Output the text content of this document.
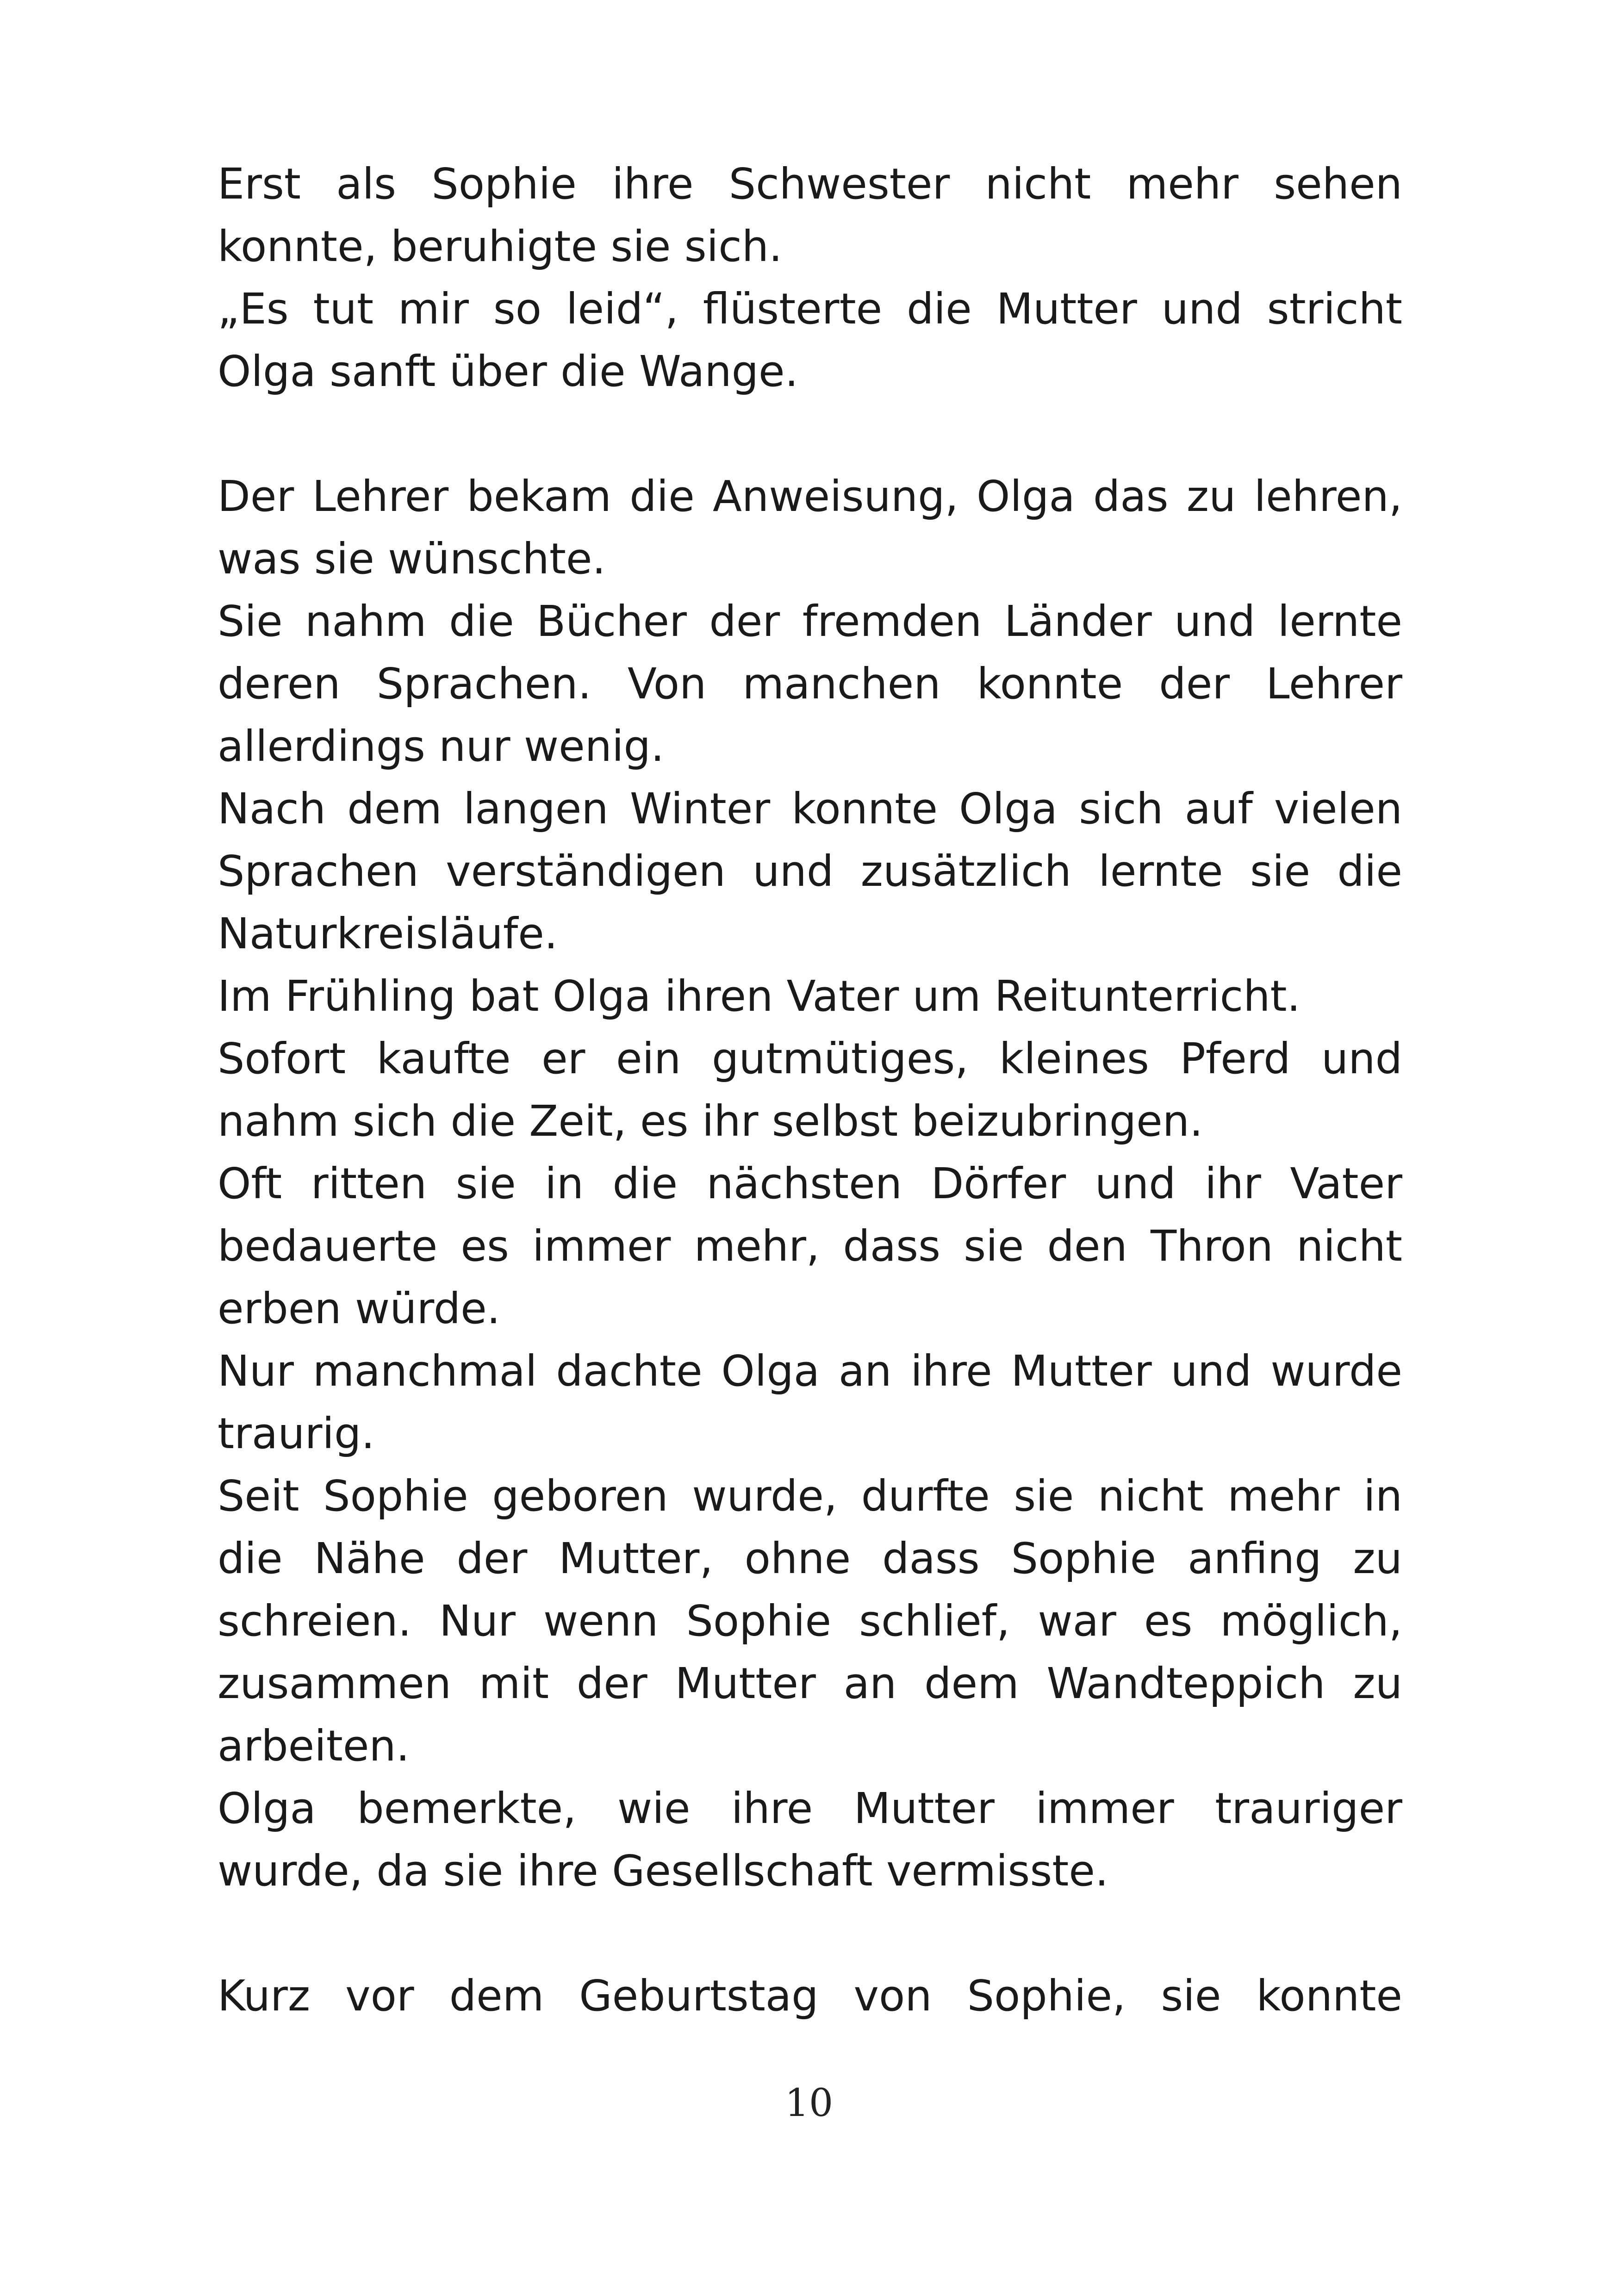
Erst als Sophie ihre Schwester nicht mehr sehen
konnte, beruhigte sie sich.
„Es tut mir so leid“, flüsterte die Mutter und stricht
Olga sanft über die Wange.
Der Lehrer bekam die Anweisung, Olga das zu lehren,
was sie wünschte.
Sie nahm die Bücher der fremden Länder und lernte
deren Sprachen. Von manchen konnte der Lehrer
allerdings nur wenig.
Nach dem langen Winter konnte Olga sich auf vielen
Sprachen verständigen und zusätzlich lernte sie die
Naturkreisläufe.
Im Frühling bat Olga ihren Vater um Reitunterricht.
Sofort kaufte er ein gutmütiges, kleines Pferd und
nahm sich die Zeit, es ihr selbst beizubringen.
Oft ritten sie in die nächsten Dörfer und ihr Vater
bedauerte es immer mehr, dass sie den Thron nicht
erben würde.
Nur manchmal dachte Olga an ihre Mutter und wurde
traurig.
Seit Sophie geboren wurde, durfte sie nicht mehr in
die Nähe der Mutter, ohne dass Sophie anfing zu
schreien. Nur wenn Sophie schlief, war es möglich,
zusammen mit der Mutter an dem Wandteppich zu
arbeiten.
Olga bemerkte, wie ihre Mutter immer trauriger
wurde, da sie ihre Gesellschaft vermisste.
Kurz vor dem Geburtstag von Sophie, sie konnte
10
